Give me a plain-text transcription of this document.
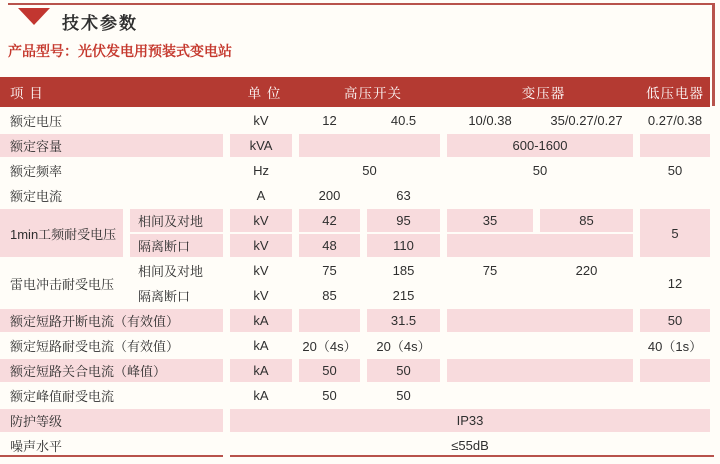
技术参数
产品型号：光伏发电用预装式变电站
项 目		单 位	高压开关		变压器		低压电器
额定电压		kV	12	40.5	10/0.38	35/0.27/0.27	0.27/0.38
额定容量		kVA			600-1600		
额定频率		Hz	50		50		50
额定电流		A	200	63			
1min工频耐受电压	相间及对地	kV	42	95	35	85	5
	隔离断口	kV	48	110			
雷电冲击耐受电压	相间及对地	kV	75	185	75	220	12
	隔离断口	kV	85	215			
额定短路开断电流（有效值）		kA		31.5			50
额定短路耐受电流（有效值）		kA	20（4s）	20（4s）			40（1s）
额定短路关合电流（峰值）		kA	50	50			
额定峰值耐受电流		kA	50	50			
防护等级		IP33					
噪声水平		≤55dB					
